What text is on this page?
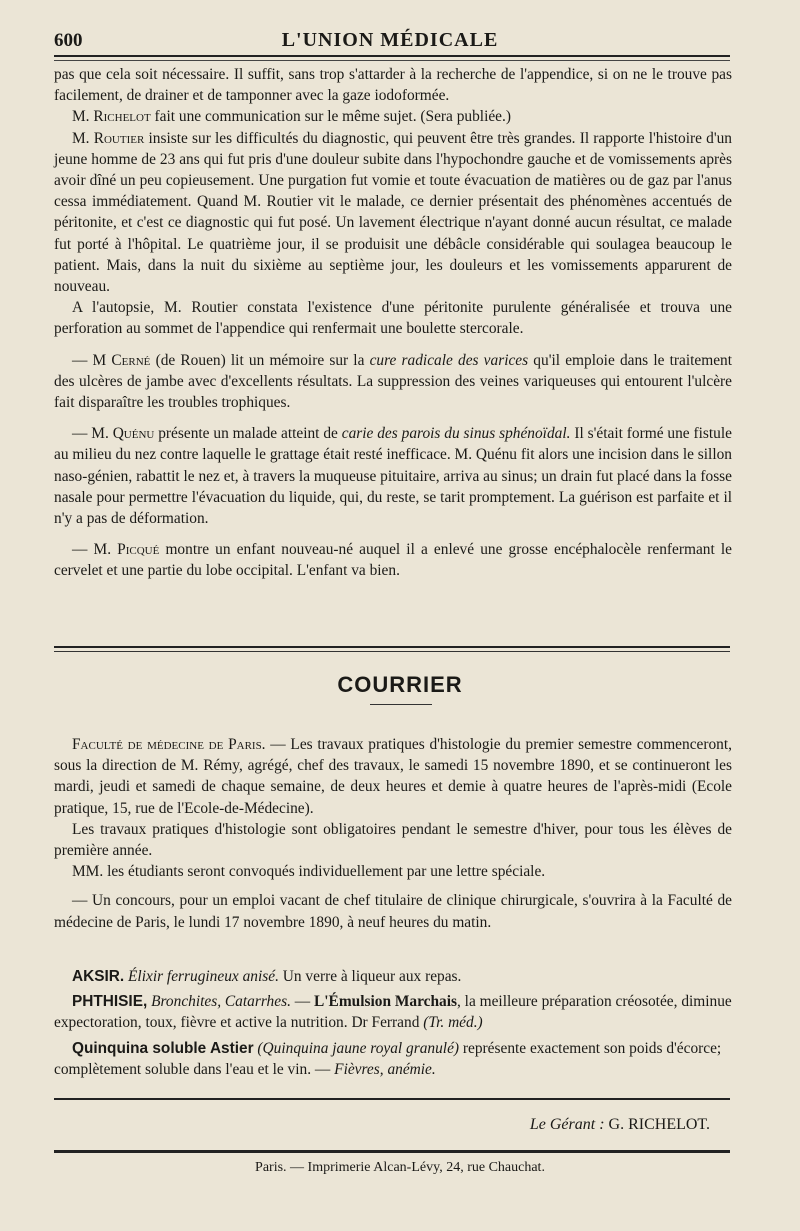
600	L'UNION MÉDICALE

pas que cela soit nécessaire. Il suffit, sans trop s'attarder à la recherche de l'appendice, si on ne le trouve pas facilement, de drainer et de tamponner avec la gaze iodoformée.

M. Richelot fait une communication sur le même sujet. (Sera publiée.)

M. Routier insiste sur les difficultés du diagnostic, qui peuvent être très grandes. Il rapporte l'histoire d'un jeune homme de 23 ans qui fut pris d'une douleur subite dans l'hypochondre gauche et de vomissements après avoir dîné un peu copieusement. Une purgation fut vomie et toute évacuation de matières ou de gaz par l'anus cessa immédiatement. Quand M. Routier vit le malade, ce dernier présentait des phénomènes accentués de péritonite, et c'est ce diagnostic qui fut posé. Un lavement électrique n'ayant donné aucun résultat, ce malade fut porté à l'hôpital. Le quatrième jour, il se produisit une débâcle considérable qui soulagea beaucoup le patient. Mais, dans la nuit du sixième au septième jour, les douleurs et les vomissements apparurent de nouveau.

A l'autopsie, M. Routier constata l'existence d'une péritonite purulente généralisée et trouva une perforation au sommet de l'appendice qui renfermait une boulette stercorale.

— M Cerné (de Rouen) lit un mémoire sur la cure radicale des varices qu'il emploie dans le traitement des ulcères de jambe avec d'excellents résultats. La suppression des veines variqueuses qui entourent l'ulcère fait disparaître les troubles trophiques.

— M. Quénu présente un malade atteint de carie des parois du sinus sphénoïdal. Il s'était formé une fistule au milieu du nez contre laquelle le grattage était resté inefficace. M. Quénu fit alors une incision dans le sillon naso-génien, rabattit le nez et, à travers la muqueuse pituitaire, arriva au sinus; un drain fut placé dans la fosse nasale pour permettre l'évacuation du liquide, qui, du reste, se tarit promptement. La guérison est parfaite et il n'y a pas de déformation.

— M. Picqué montre un enfant nouveau-né auquel il a enlevé une grosse encéphalocèle renfermant le cervelet et une partie du lobe occipital. L'enfant va bien.

COURRIER

Faculté de médecine de Paris. — Les travaux pratiques d'histologie du premier semestre commenceront, sous la direction de M. Rémy, agrégé, chef des travaux, le samedi 15 novembre 1890, et se continueront les mardi, jeudi et samedi de chaque semaine, de deux heures et demie à quatre heures de l'après-midi (Ecole pratique, 15, rue de l'Ecole-de-Médecine).

Les travaux pratiques d'histologie sont obligatoires pendant le semestre d'hiver, pour tous les élèves de première année.

MM. les étudiants seront convoqués individuellement par une lettre spéciale.

— Un concours, pour un emploi vacant de chef titulaire de clinique chirurgicale, s'ouvrira à la Faculté de médecine de Paris, le lundi 17 novembre 1890, à neuf heures du matin.

AKSIR. Élixir ferrugineux anisé. Un verre à liqueur aux repas.

PHTHISIE, Bronchites, Catarrhes. — L'Émulsion Marchais, la meilleure préparation créosotée, diminue expectoration, toux, fièvre et active la nutrition. Dr Ferrand (Tr. méd.)

Quinquina soluble Astier (Quinquina jaune royal granulé) représente exactement son poids d'écorce; complètement soluble dans l'eau et le vin. — Fièvres, anémie.

Le Gérant : G. RICHELOT.
Paris. — Imprimerie Alcan-Lévy, 24, rue Chauchat.
